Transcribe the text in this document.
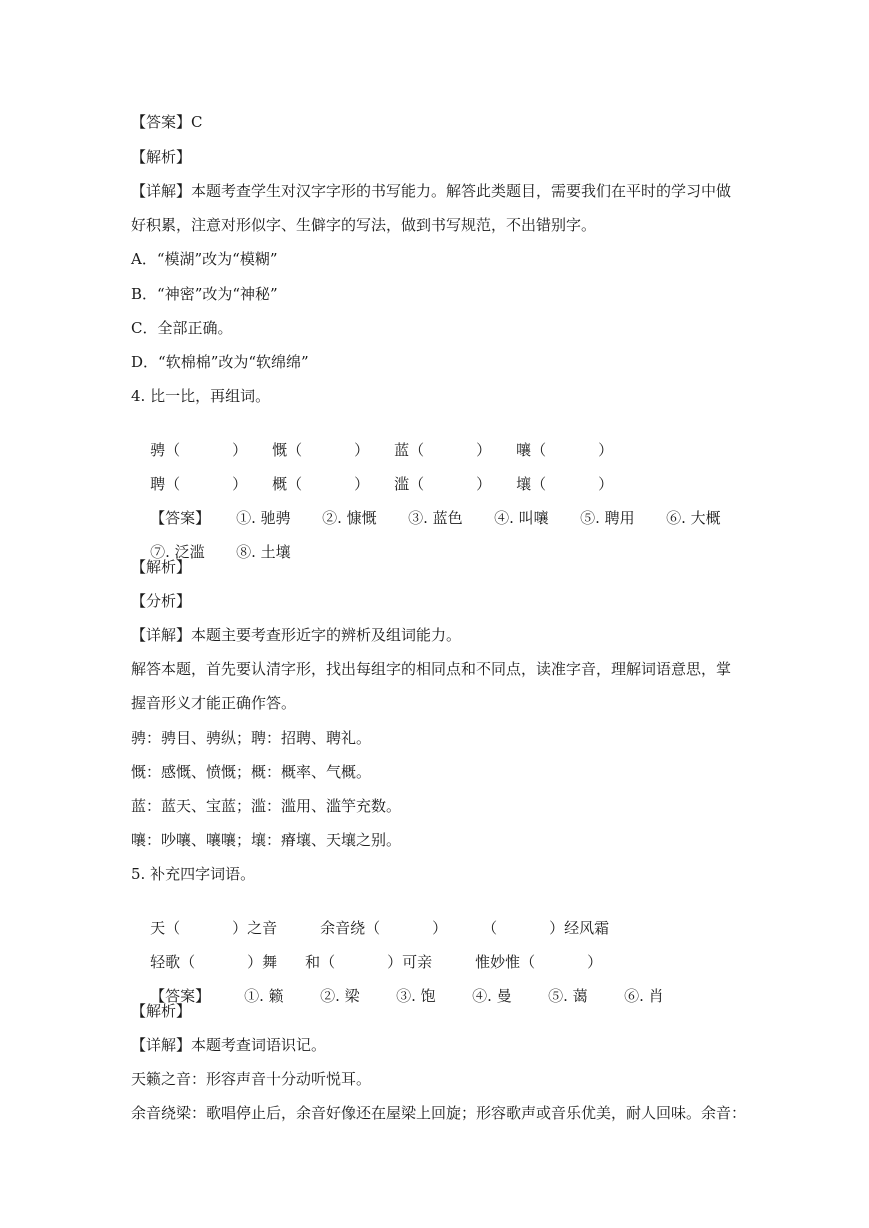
【答案】C
【解析】
【详解】本题考查学生对汉字字形的书写能力。解答此类题目，需要我们在平时的学习中做
好积累，注意对形似字、生僻字的写法，做到书写规范，不出错别字。
A．“模湖”改为“模糊”
B．“神密”改为“神秘”
C．全部正确。
D．“软棉棉”改为“软绵绵”
4. 比一比，再组词。

骋（	） 慨（	） 蓝（	） 嚷（	）

聘（	） 概（	） 滥（	） 壤（	）

【答案】 ①. 驰骋 ②. 慷慨 ③. 蓝色 ④. 叫嚷 ⑤. 聘用 ⑥. 大概

⑦. 泛滥 ⑧. 土壤

【解析】
【分析】
【详解】本题主要考查形近字的辨析及组词能力。
解答本题，首先要认清字形，找出每组字的相同点和不同点，读准字音，理解词语意思，掌
握音形义才能正确作答。
骋：骋目、骋纵；聘：招聘、聘礼。
慨：感慨、愤慨；概：概率、气概。
蓝：蓝天、宝蓝；滥：滥用、滥竽充数。
嚷：吵嚷、嚷嚷；壤：瘠壤、天壤之别。
5. 补充四字词语。

天（	）之音	余音绕（	） （	）经风霜

轻歌（	）舞 和（	）可亲	惟妙惟（	）

【答案】 ①. 籁 ②. 梁 ③. 饱 ④. 曼 ⑤. 蔼 ⑥. 肖

【解析】
【详解】本题考查词语识记。
天籁之音：形容声音十分动听悦耳。
余音绕梁：歌唱停止后，余音好像还在屋梁上回旋；形容歌声或音乐优美，耐人回味。余音：
